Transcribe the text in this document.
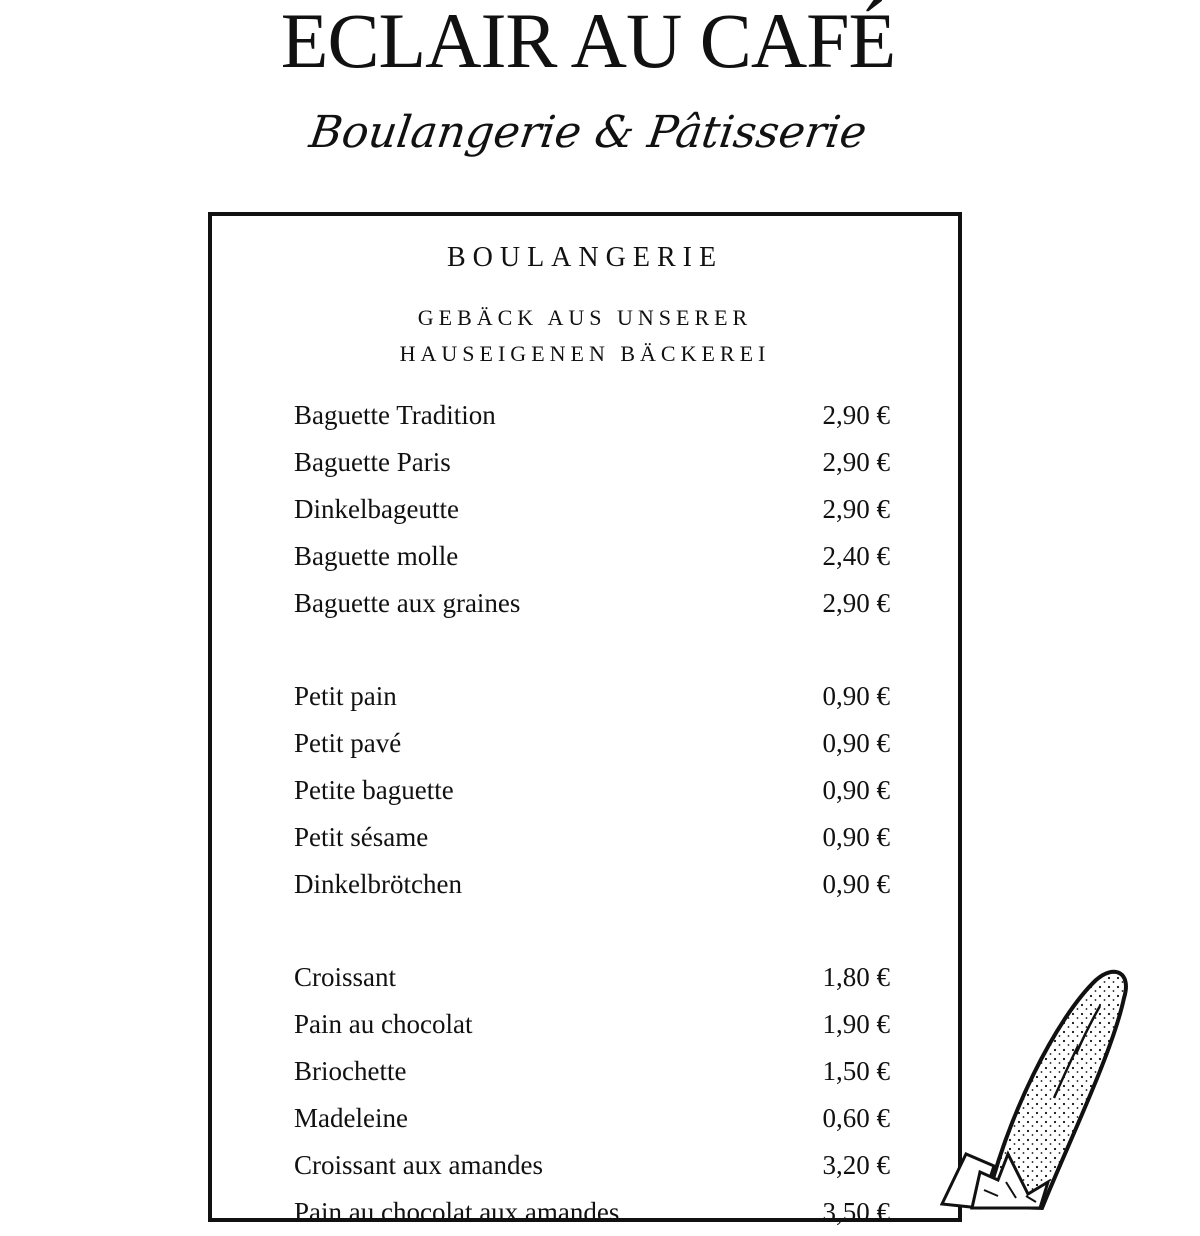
ECLAIR AU CAFÉ
Boulangerie & Pâtisserie
BOULANGERIE
GEBÄCK AUS UNSERER
HAUSEIGENEN BÄCKEREI
Baguette Tradition	2,90 €
Baguette Paris	2,90 €
Dinkelbageutte	2,90 €
Baguette molle	2,40 €
Baguette aux graines	2,90 €
Petit pain	0,90 €
Petit pavé	0,90 €
Petite baguette	0,90 €
Petit sésame	0,90 €
Dinkelbrötchen	0,90 €
Croissant	1,80 €
Pain au chocolat	1,90 €
Briochette	1,50 €
Madeleine	0,60 €
Croissant aux amandes	3,20 €
Pain au chocolat aux amandes	3,50 €
